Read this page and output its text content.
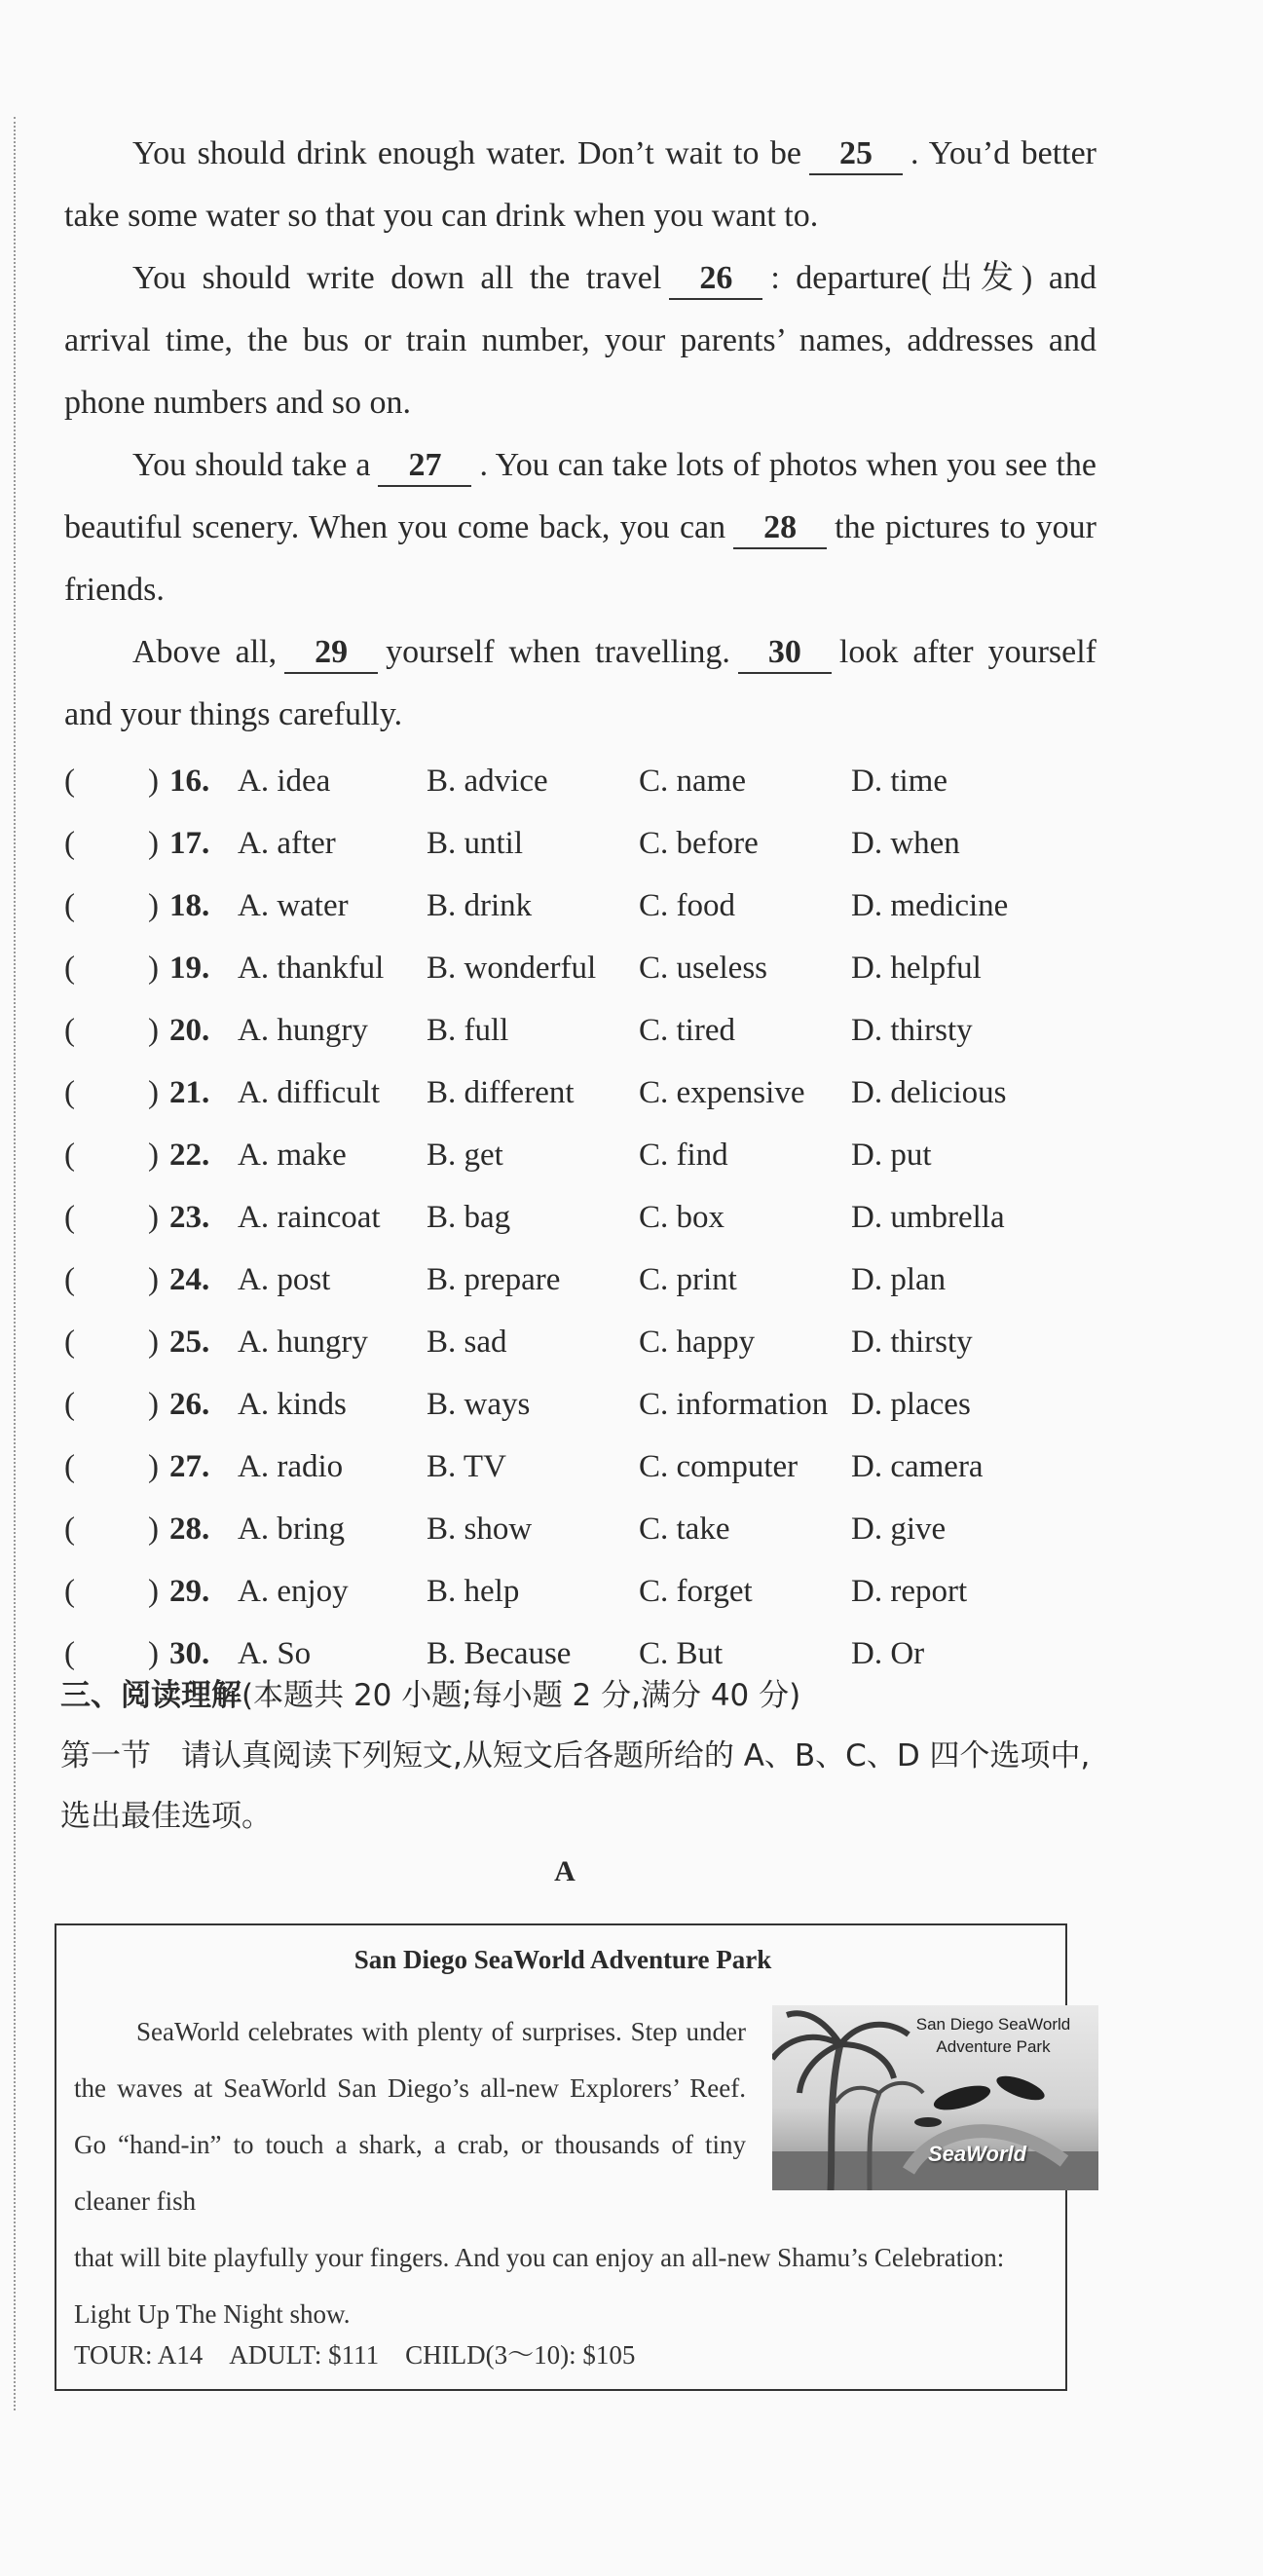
You should drink enough water. Don’t wait to be 25 . You’d better take some water so that you can drink when you want to.

You should write down all the travel 26 : departure(出发) and arrival time, the bus or train number, your parents’ names, addresses and phone numbers and so on.

You should take a 27 . You can take lots of photos when you see the beautiful scenery. When you come back, you can 28 the pictures to your friends.

Above all, 29 yourself when travelling. 30 look after yourself and your things carefully.

( ) 16. A. idea	B. advice	C. name	D. time
( ) 17. A. after	B. until	C. before	D. when
( ) 18. A. water B. drink	C. food	D. medicine
( ) 19. A. thankful B. wonderful C. useless	D. helpful
( ) 20. A. hungry B. full	C. tired	D. thirsty
( ) 21. A. difficult B. different C. expensive D. delicious
( ) 22. A. make B. get	C. find	D. put
( ) 23. A. raincoat B. bag	C. box	D. umbrella
( ) 24. A. post	B. prepare C. print	D. plan
( ) 25. A. hungry B. sad	C. happy	D. thirsty
( ) 26. A. kinds B. ways	C. information D. places
( ) 27. A. radio	B. TV	C. computer D. camera
( ) 28. A. bring	B. show	C. take	D. give
( ) 29. A. enjoy B. help	C. forget	D. report
( ) 30. A. So	B. Because C. But	D. Or
三、阅读理解(本题共 20 小题;每小题 2 分,满分 40 分)
第一节　请认真阅读下列短文,从短文后各题所给的 A、B、C、D 四个选项中,选出最佳选项。
A
San Diego SeaWorld Adventure Park
SeaWorld celebrates with plenty of surprises. Step under the waves at SeaWorld San Diego’s all-new Explorers’ Reef. Go “hand-in” to touch a shark, a crab, or thousands of tiny cleaner fish
that will bite playfully your fingers. And you can enjoy an all-new Shamu’s Celebration: Light Up The Night show.
TOUR: A14　ADULT: $111　CHILD(3～10): $105
San Diego SeaWorld Adventure Park
SeaWorld
